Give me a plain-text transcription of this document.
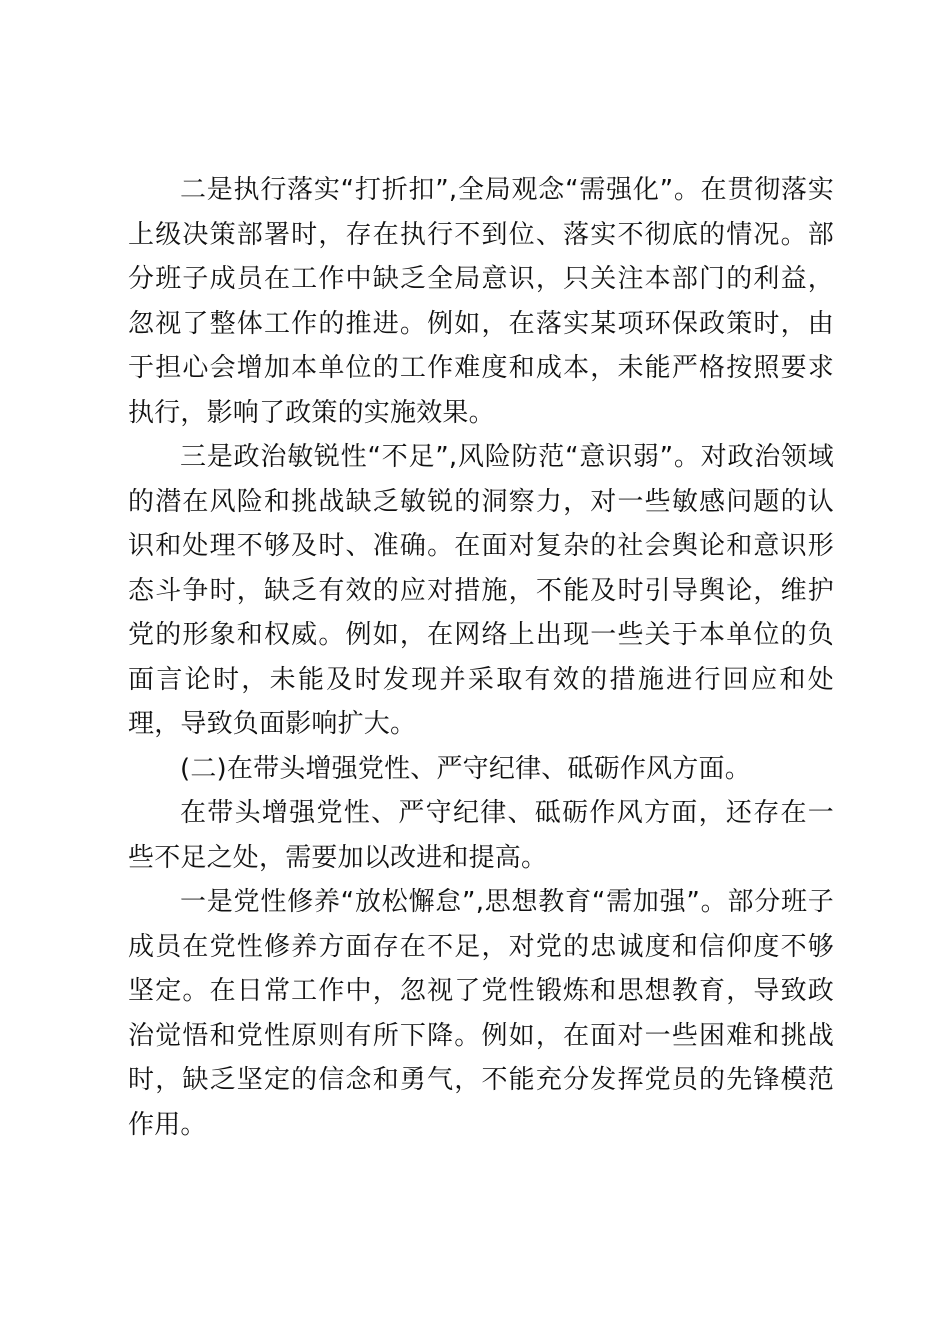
二是执行落实“打折扣”,全局观念“需强化”。在贯彻落实上级决策部署时，存在执行不到位、落实不彻底的情况。部分班子成员在工作中缺乏全局意识，只关注本部门的利益，忽视了整体工作的推进。例如，在落实某项环保政策时，由于担心会增加本单位的工作难度和成本，未能严格按照要求执行，影响了政策的实施效果。

三是政治敏锐性“不足”,风险防范“意识弱”。对政治领域的潜在风险和挑战缺乏敏锐的洞察力，对一些敏感问题的认识和处理不够及时、准确。在面对复杂的社会舆论和意识形态斗争时，缺乏有效的应对措施，不能及时引导舆论，维护党的形象和权威。例如，在网络上出现一些关于本单位的负面言论时，未能及时发现并采取有效的措施进行回应和处理，导致负面影响扩大。

(二)在带头增强党性、严守纪律、砥砺作风方面。

在带头增强党性、严守纪律、砥砺作风方面，还存在一些不足之处，需要加以改进和提高。

一是党性修养“放松懈怠”,思想教育“需加强”。部分班子成员在党性修养方面存在不足，对党的忠诚度和信仰度不够坚定。在日常工作中，忽视了党性锻炼和思想教育，导致政治觉悟和党性原则有所下降。例如，在面对一些困难和挑战时，缺乏坚定的信念和勇气，不能充分发挥党员的先锋模范作用。
